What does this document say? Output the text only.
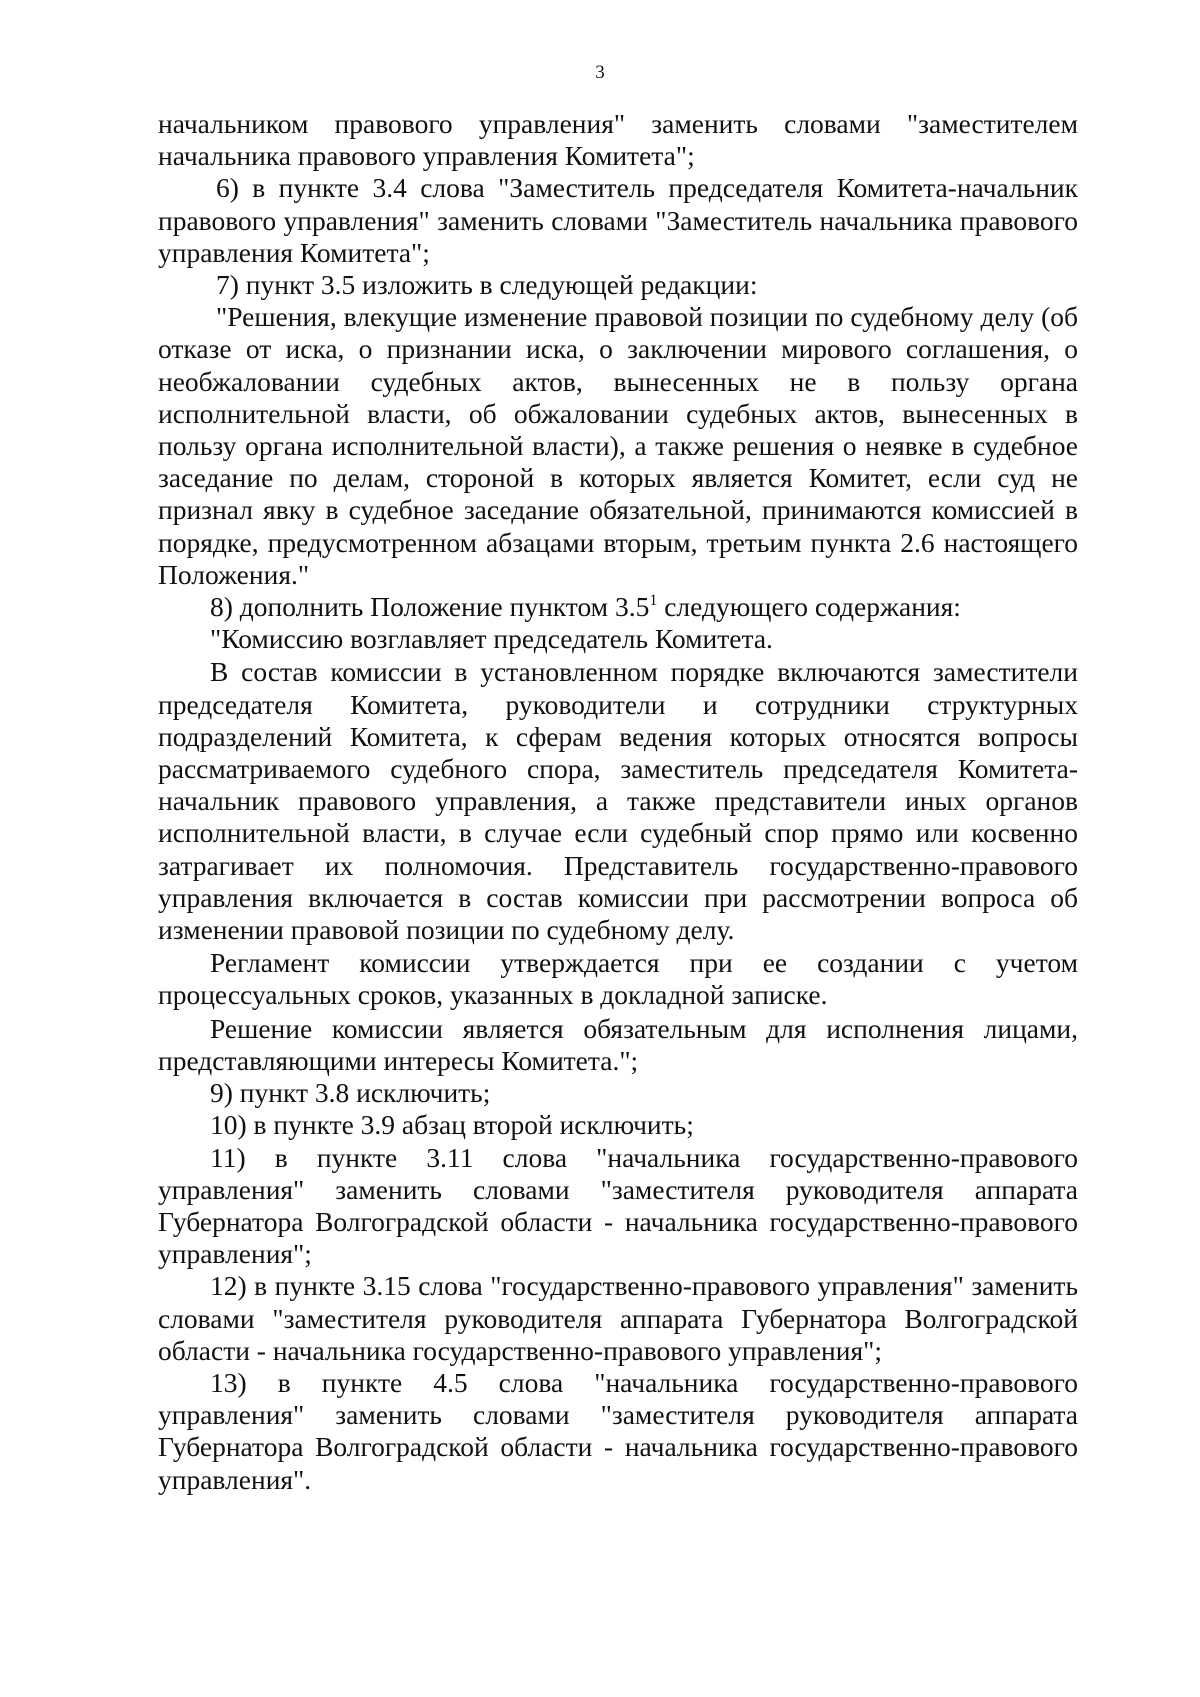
3

начальником правового управления" заменить словами "заместителем начальника правового управления Комитета";

6) в пункте 3.4 слова "Заместитель председателя Комитета-начальник правового управления" заменить словами "Заместитель начальника правового управления Комитета";

7) пункт 3.5 изложить в следующей редакции:

"Решения, влекущие изменение правовой позиции по судебному делу (об отказе от иска, о признании иска, о заключении мирового соглашения, о необжаловании судебных актов, вынесенных не в пользу органа исполнительной власти, об обжаловании судебных актов, вынесенных в пользу органа исполнительной власти), а также решения о неявке в судебное заседание по делам, стороной в которых является Комитет, если суд не признал явку в судебное заседание обязательной, принимаются комиссией в порядке, предусмотренном абзацами вторым, третьим пункта 2.6 настоящего Положения."

8) дополнить Положение пунктом $3.5^1$ следующего содержания:

"Комиссию возглавляет председатель Комитета.

В состав комиссии в установленном порядке включаются заместители председателя Комитета, руководители и сотрудники структурных подразделений Комитета, к сферам ведения которых относятся вопросы рассматриваемого судебного спора, заместитель председателя Комитета-начальник правового управления, а также представители иных органов исполнительной власти, в случае если судебный спор прямо или косвенно затрагивает их полномочия. Представитель государственно-правового управления включается в состав комиссии при рассмотрении вопроса об изменении правовой позиции по судебному делу.

Регламент комиссии утверждается при ее создании с учетом процессуальных сроков, указанных в докладной записке.

Решение комиссии является обязательным для исполнения лицами, представляющими интересы Комитета.";

9) пункт 3.8 исключить;

10) в пункте 3.9 абзац второй исключить;

11) в пункте 3.11 слова "начальника государственно-правового управления" заменить словами "заместителя руководителя аппарата Губернатора Волгоградской области - начальника государственно-правового управления";

12) в пункте 3.15 слова "государственно-правового управления" заменить словами "заместителя руководителя аппарата Губернатора Волгоградской области - начальника государственно-правового управления";

13) в пункте 4.5 слова "начальника государственно-правового управления" заменить словами "заместителя руководителя аппарата Губернатора Волгоградской области - начальника государственно-правового управления".
